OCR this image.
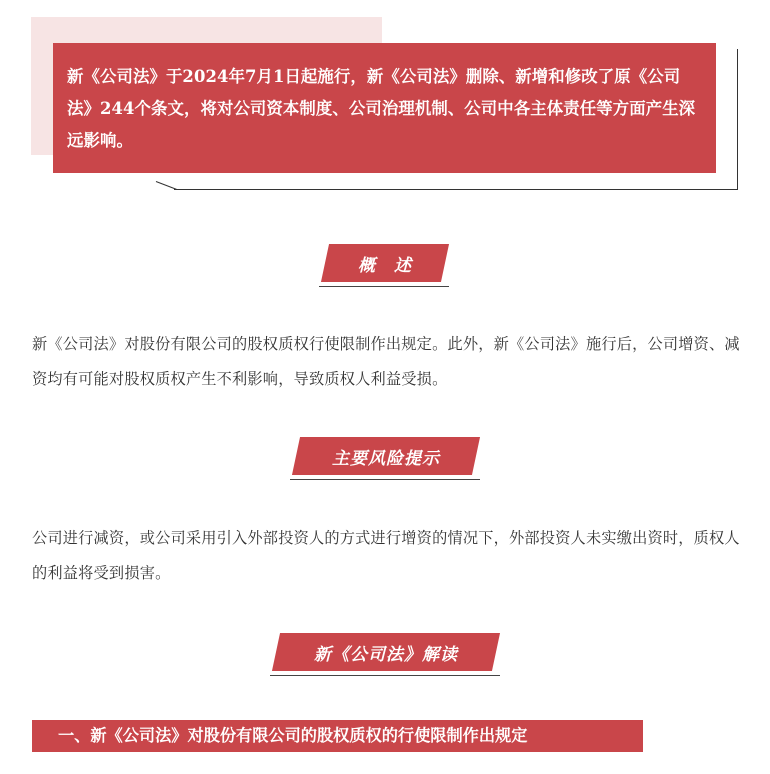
新《公司法》于2024年7月1日起施行，新《公司法》删除、新增和修改了原《公司法》244个条文，将对公司资本制度、公司治理机制、公司中各主体责任等方面产生深远影响。
概　述
新《公司法》对股份有限公司的股权质权行使限制作出规定。此外，新《公司法》施行后，公司增资、减资均有可能对股权质权产生不利影响，导致质权人利益受损。
主要风险提示
公司进行减资，或公司采用引入外部投资人的方式进行增资的情况下，外部投资人未实缴出资时，质权人的利益将受到损害。
新《公司法》解读
一、新《公司法》对股份有限公司的股权质权的行使限制作出规定
